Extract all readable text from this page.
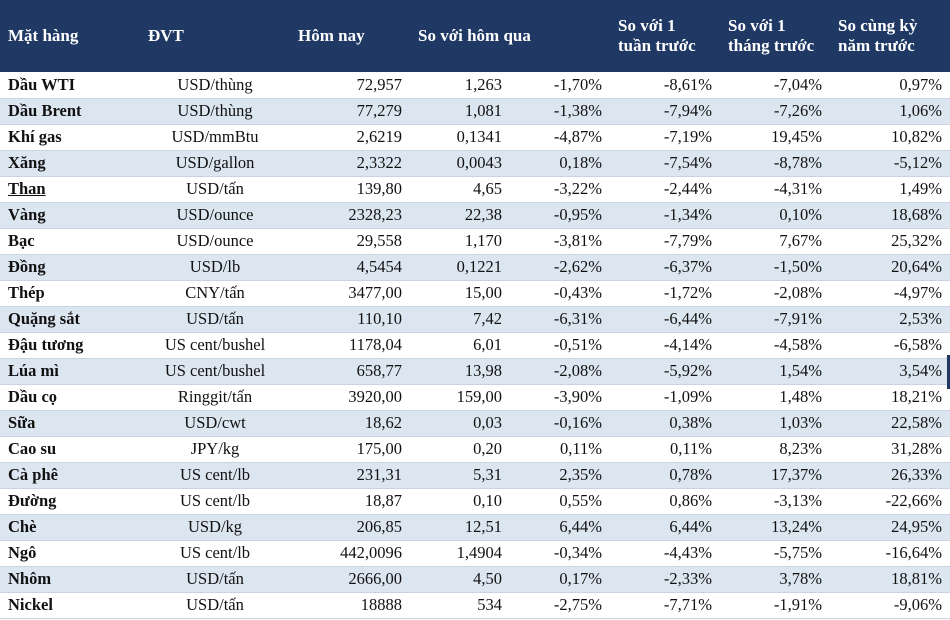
Mặt hàng	ĐVT	Hôm nay	So với hôm qua		So với 1 tuần trước	So với 1 tháng trước	So cùng kỳ năm trước
Dầu WTI	USD/thùng	72,957	1,263	-1,70%	-8,61%	-7,04%	0,97%
Dầu Brent	USD/thùng	77,279	1,081	-1,38%	-7,94%	-7,26%	1,06%
Khí gas	USD/mmBtu	2,6219	0,1341	-4,87%	-7,19%	19,45%	10,82%
Xăng	USD/gallon	2,3322	0,0043	0,18%	-7,54%	-8,78%	-5,12%
Than	USD/tấn	139,80	4,65	-3,22%	-2,44%	-4,31%	1,49%
Vàng	USD/ounce	2328,23	22,38	-0,95%	-1,34%	0,10%	18,68%
Bạc	USD/ounce	29,558	1,170	-3,81%	-7,79%	7,67%	25,32%
Đồng	USD/lb	4,5454	0,1221	-2,62%	-6,37%	-1,50%	20,64%
Thép	CNY/tấn	3477,00	15,00	-0,43%	-1,72%	-2,08%	-4,97%
Quặng sắt	USD/tấn	110,10	7,42	-6,31%	-6,44%	-7,91%	2,53%
Đậu tương	US cent/bushel	1178,04	6,01	-0,51%	-4,14%	-4,58%	-6,58%
Lúa mì	US cent/bushel	658,77	13,98	-2,08%	-5,92%	1,54%	3,54%
Dầu cọ	Ringgit/tấn	3920,00	159,00	-3,90%	-1,09%	1,48%	18,21%
Sữa	USD/cwt	18,62	0,03	-0,16%	0,38%	1,03%	22,58%
Cao su	JPY/kg	175,00	0,20	0,11%	0,11%	8,23%	31,28%
Cà phê	US cent/lb	231,31	5,31	2,35%	0,78%	17,37%	26,33%
Đường	US cent/lb	18,87	0,10	0,55%	0,86%	-3,13%	-22,66%
Chè	USD/kg	206,85	12,51	6,44%	6,44%	13,24%	24,95%
Ngô	US cent/lb	442,0096	1,4904	-0,34%	-4,43%	-5,75%	-16,64%
Nhôm	USD/tấn	2666,00	4,50	0,17%	-2,33%	3,78%	18,81%
Nickel	USD/tấn	18888	534	-2,75%	-7,71%	-1,91%	-9,06%
